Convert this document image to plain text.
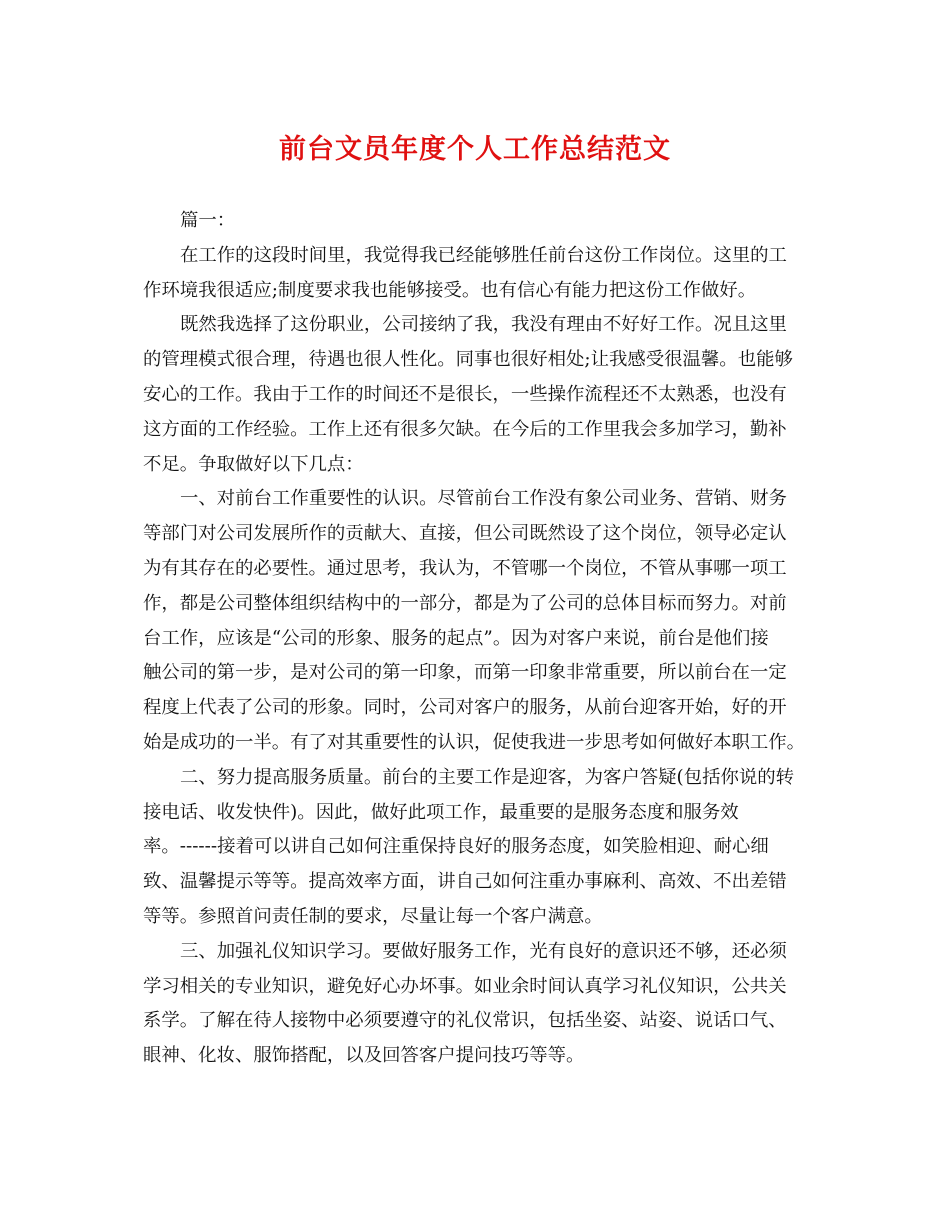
前台文员年度个人工作总结范文

篇一：

在工作的这段时间里，我觉得我已经能够胜任前台这份工作岗位。这里的工
作环境我很适应;制度要求我也能够接受。也有信心有能力把这份工作做好。

既然我选择了这份职业，公司接纳了我，我没有理由不好好工作。况且这里
的管理模式很合理，待遇也很人性化。同事也很好相处;让我感受很温馨。也能够
安心的工作。我由于工作的时间还不是很长，一些操作流程还不太熟悉，也没有
这方面的工作经验。工作上还有很多欠缺。在今后的工作里我会多加学习，勤补
不足。争取做好以下几点：

一、对前台工作重要性的认识。尽管前台工作没有象公司业务、营销、财务
等部门对公司发展所作的贡献大、直接，但公司既然设了这个岗位，领导必定认
为有其存在的必要性。通过思考，我认为，不管哪一个岗位，不管从事哪一项工
作，都是公司整体组织结构中的一部分，都是为了公司的总体目标而努力。对前
台工作，应该是“公司的形象、服务的起点”。因为对客户来说，前台是他们接
触公司的第一步，是对公司的第一印象，而第一印象非常重要，所以前台在一定
程度上代表了公司的形象。同时，公司对客户的服务，从前台迎客开始，好的开
始是成功的一半。有了对其重要性的认识，促使我进一步思考如何做好本职工作。

二、努力提高服务质量。前台的主要工作是迎客，为客户答疑(包括你说的转
接电话、收发快件)。因此，做好此项工作，最重要的是服务态度和服务效
率。------接着可以讲自己如何注重保持良好的服务态度，如笑脸相迎、耐心细
致、温馨提示等等。提高效率方面，讲自己如何注重办事麻利、高效、不出差错
等等。参照首问责任制的要求，尽量让每一个客户满意。

三、加强礼仪知识学习。要做好服务工作，光有良好的意识还不够，还必须
学习相关的专业知识，避免好心办坏事。如业余时间认真学习礼仪知识，公共关
系学。了解在待人接物中必须要遵守的礼仪常识，包括坐姿、站姿、说话口气、
眼神、化妆、服饰搭配，以及回答客户提问技巧等等。
